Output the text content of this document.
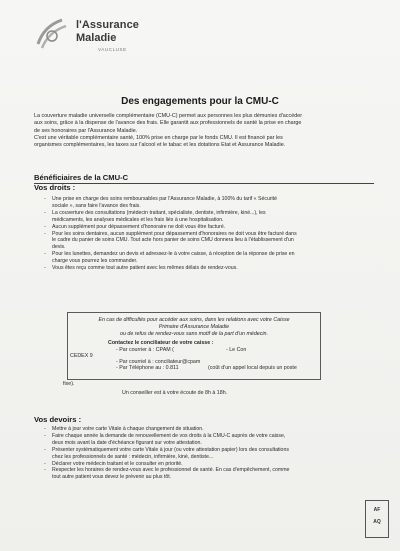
l'Assurance
Maladie
VAUCLUSE
Des engagements pour la CMU-C

La couverture maladie universelle complémentaire (CMU-C) permet aux personnes les plus démunies d'accéder

aux soins, grâce à la dispense de l'avance des frais. Elle garantit aux professionnels de santé la prise en charge

de ses honoraires par l'Assurance Maladie.

C'est une véritable complémentaire santé, 100% prise en charge par le fonds CMU. Il est financé par les

organismes complémentaires, les taxes sur l'alcool et le tabac et les dotations Etat et Assurance Maladie.

Bénéficiaires de la CMU-C
Vos droits :
- Une prise en charge des soins remboursables par l'Assurance Maladie, à 100% du tarif « Sécurité
sociale », sans faire l'avance des frais.
- La couverture des consultations (médecin traitant, spécialiste, dentiste, infirmière, kiné...), les
médicaments, les analyses médicales et les frais liés à une hospitalisation.
- Aucun supplément pour dépassement d'honoraire ne doit vous être facturé.
- Pour les soins dentaires, aucun supplément pour dépassement d'honoraires ne doit vous être facturé dans
le cadre du panier de soins CMU. Tout acte hors panier de soins CMU donnera lieu à l'établissement d'un
devis.
- Pour les lunettes, demandez un devis et adressez-le à votre caisse, à réception de la réponse de prise en
charge vous pourrez les commander.
- Vous êtes reçu comme tout autre patient avec les mêmes délais de rendez-vous.
En cas de difficultés pour accéder aux soins, dans les relations avec votre Caisse
Primaire d'Assurance Maladie
ou de refus de rendez-vous sans motif de la part d'un médecin.
Contactez le conciliateur de votre caisse :
- Par courrier à : CPAM (	- Le Con
CEDEX 9
- Par courriel à : conciliateur@cpam
- Par Téléphone au : 0.811	(coût d'un appel local depuis un poste
fixe).
Un conseiller est à votre écoute de 8h à 18h.
Vos devoirs :
- Mettre à jour votre carte Vitale à chaque changement de situation.
- Faire chaque année la demande de renouvellement de vos droits à la CMU-C auprès de votre caisse,
deux mois avant la date d'échéance figurant sur votre attestation.
- Présenter systématiquement votre carte Vitale à jour (ou votre attestation papier) lors des consultations
chez les professionnels de santé : médecin, infirmière, kiné, dentiste...
- Déclarer votre médecin traitant et le consulter en priorité.
- Respecter les horaires de rendez-vous avec le professionnel de santé. En cas d'empêchement, comme
tout autre patient vous devez le prévenir au plus tôt.
AF
AQ
